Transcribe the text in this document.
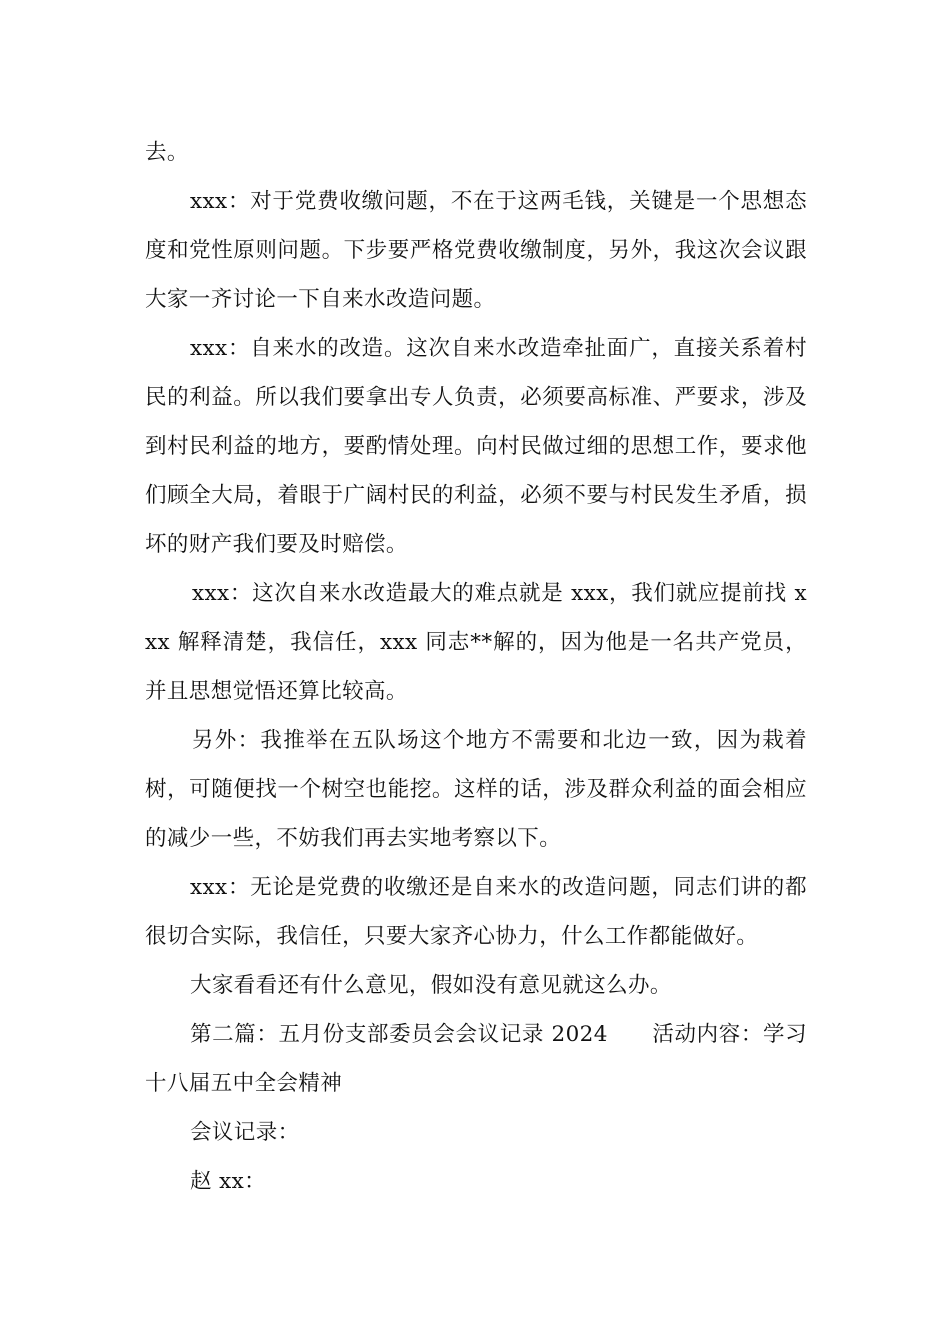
去。

xxx：对于党费收缴问题，不在于这两毛钱，关键是一个思想态度和党性原则问题。下步要严格党费收缴制度，另外，我这次会议跟大家一齐讨论一下自来水改造问题。

xxx：自来水的改造。这次自来水改造牵扯面广，直接关系着村民的利益。所以我们要拿出专人负责，必须要高标准、严要求，涉及到村民利益的地方，要酌情处理。向村民做过细的思想工作，要求他们顾全大局，着眼于广阔村民的利益，必须不要与村民发生矛盾，损坏的财产我们要及时赔偿。

xxx：这次自来水改造最大的难点就是 xxx，我们就应提前找 xxx 解释清楚，我信任，xxx 同志**解的，因为他是一名共产党员，并且思想觉悟还算比较高。

另外：我推举在五队场这个地方不需要和北边一致，因为栽着树，可随便找一个树空也能挖。这样的话，涉及群众利益的面会相应的减少一些，不妨我们再去实地考察以下。

xxx：无论是党费的收缴还是自来水的改造问题，同志们讲的都很切合实际，我信任，只要大家齐心协力，什么工作都能做好。

大家看看还有什么意见，假如没有意见就这么办。

第二篇：五月份支部委员会会议记录 2024　　活动内容：学习十八届五中全会精神

会议记录：

赵 xx：
